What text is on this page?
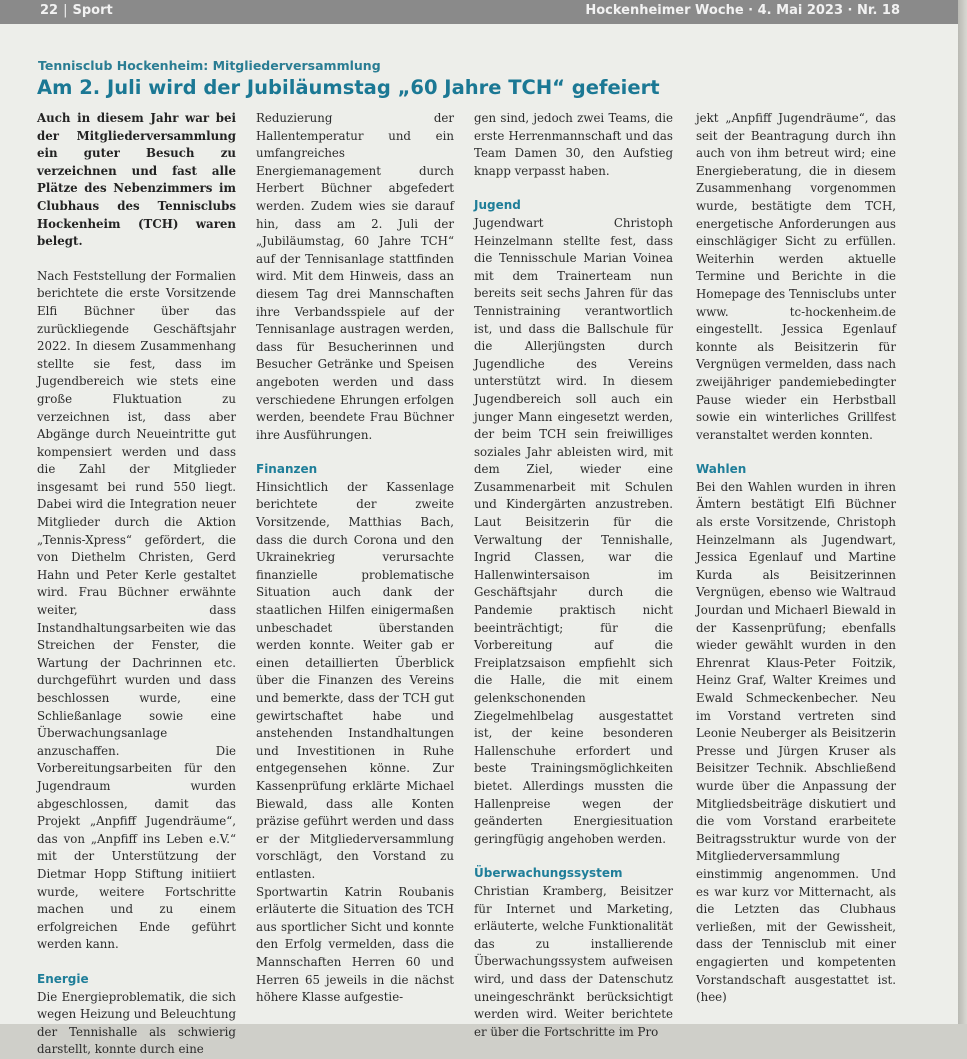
22 | Sport	Hockenheimer Woche · 4. Mai 2023 · Nr. 18
Tennisclub Hockenheim: Mitgliederversammlung
Am 2. Juli wird der Jubiläumstag „60 Jahre TCH“ gefeiert

Auch in diesem Jahr war bei der Mitgliederversammlung ein guter Besuch zu verzeichnen und fast alle Plätze des Nebenzimmers im Clubhaus des Tennisclubs Hockenheim (TCH) waren belegt.

Nach Feststellung der Formalien berichtete die erste Vorsitzende Elfi Büchner über das zurückliegende Geschäftsjahr 2022. In diesem Zusammenhang stellte sie fest, dass im Jugendbereich wie stets eine große Fluktuation zu verzeichnen ist, dass aber Abgänge durch Neueintritte gut kompensiert werden und dass die Zahl der Mitglieder insgesamt bei rund 550 liegt. Dabei wird die Integration neuer Mitglieder durch die Aktion „Tennis-Xpress“ gefördert, die von Diethelm Christen, Gerd Hahn und Peter Kerle gestaltet wird. Frau Büchner erwähnte weiter, dass Instandhaltungsarbeiten wie das Streichen der Fenster, die Wartung der Dachrinnen etc. durchgeführt wurden und dass beschlossen wurde, eine Schließanlage sowie eine Überwachungsanlage anzuschaffen. Die Vorbereitungsarbeiten für den Jugendraum wurden abgeschlossen, damit das Projekt „Anpfiff Jugendräume“, das von „Anpfiff ins Leben e.V.“ mit der Unterstützung der Dietmar Hopp Stiftung initiiert wurde, weitere Fortschritte machen und zu einem erfolgreichen Ende geführt werden kann.

Energie

Die Energieproblematik, die sich wegen Heizung und Beleuchtung der Tennishalle als schwierig darstellt, konnte durch eine

Reduzierung der Hallentemperatur und ein umfangreiches Energiemanagement durch Herbert Büchner abgefedert werden. Zudem wies sie darauf hin, dass am 2. Juli der „Jubiläumstag, 60 Jahre TCH“ auf der Tennisanlage stattfinden wird. Mit dem Hinweis, dass an diesem Tag drei Mannschaften ihre Verbandsspiele auf der Tennisanlage austragen werden, dass für Besucherinnen und Besucher Getränke und Speisen angeboten werden und dass verschiedene Ehrungen erfolgen werden, beendete Frau Büchner ihre Ausführungen.

Finanzen

Hinsichtlich der Kassenlage berichtete der zweite Vorsitzende, Matthias Bach, dass die durch Corona und den Ukrainekrieg verursachte finanzielle problematische Situation auch dank der staatlichen Hilfen einigermaßen unbeschadet überstanden werden konnte. Weiter gab er einen detaillierten Überblick über die Finanzen des Vereins und bemerkte, dass der TCH gut gewirtschaftet habe und anstehenden Instandhaltungen und Investitionen in Ruhe entgegensehen könne. Zur Kassenprüfung erklärte Michael Biewald, dass alle Konten präzise geführt werden und dass er der Mitgliederversammlung vorschlägt, den Vorstand zu entlasten.

Sportwartin Katrin Roubanis erläuterte die Situation des TCH aus sportlicher Sicht und konnte den Erfolg vermelden, dass die Mannschaften Herren 60 und Herren 65 jeweils in die nächst höhere Klasse aufgestie-

gen sind, jedoch zwei Teams, die erste Herrenmannschaft und das Team Damen 30, den Aufstieg knapp verpasst haben.

Jugend

Jugendwart Christoph Heinzelmann stellte fest, dass die Tennisschule Marian Voinea mit dem Trainerteam nun bereits seit sechs Jahren für das Tennistraining verantwortlich ist, und dass die Ballschule für die Allerjüngsten durch Jugendliche des Vereins unterstützt wird. In diesem Jugendbereich soll auch ein junger Mann eingesetzt werden, der beim TCH sein freiwilliges soziales Jahr ableisten wird, mit dem Ziel, wieder eine Zusammenarbeit mit Schulen und Kindergärten anzustreben. Laut Beisitzerin für die Verwaltung der Tennishalle, Ingrid Classen, war die Hallenwintersaison im Geschäftsjahr durch die Pandemie praktisch nicht beeinträchtigt; für die Vorbereitung auf die Freiplatzsaison empfiehlt sich die Halle, die mit einem gelenkschonenden Ziegelmehlbelag ausgestattet ist, der keine besonderen Hallenschuhe erfordert und beste Trainingsmöglichkeiten bietet. Allerdings mussten die Hallenpreise wegen der geänderten Energiesituation geringfügig angehoben werden.

Überwachungssystem

Christian Kramberg, Beisitzer für Internet und Marketing, erläuterte, welche Funktionalität das zu installierende Überwachungssystem aufweisen wird, und dass der Datenschutz uneingeschränkt berücksichtigt werden wird. Weiter berichtete er über die Fortschritte im Pro

jekt „Anpfiff Jugendräume“, das seit der Beantragung durch ihn auch von ihm betreut wird; eine Energieberatung, die in diesem Zusammenhang vorgenommen wurde, bestätigte dem TCH, energetische Anforderungen aus einschlägiger Sicht zu erfüllen. Weiterhin werden aktuelle Termine und Berichte in die Homepage des Tennisclubs unter www. tc-hockenheim.de eingestellt. Jessica Egenlauf konnte als Beisitzerin für Vergnügen vermelden, dass nach zweijähriger pandemiebedingter Pause wieder ein Herbstball sowie ein winterliches Grillfest veranstaltet werden konnten.

Wahlen

Bei den Wahlen wurden in ihren Ämtern bestätigt Elfi Büchner als erste Vorsitzende, Christoph Heinzelmann als Jugendwart, Jessica Egenlauf und Martine Kurda als Beisitzerinnen Vergnügen, ebenso wie Waltraud Jourdan und Michaerl Biewald in der Kassenprüfung; ebenfalls wieder gewählt wurden in den Ehrenrat Klaus-Peter Foitzik, Heinz Graf, Walter Kreimes und Ewald Schmeckenbecher. Neu im Vorstand vertreten sind Leonie Neuberger als Beisitzerin Presse und Jürgen Kruser als Beisitzer Technik. Abschließend wurde über die Anpassung der Mitgliedsbeiträge diskutiert und die vom Vorstand erarbeitete Beitragsstruktur wurde von der Mitgliederversammlung einstimmig angenommen. Und es war kurz vor Mitternacht, als die Letzten das Clubhaus verließen, mit der Gewissheit, dass der Tennisclub mit einer engagierten und kompetenten Vorstandschaft ausgestattet ist. (hee)
